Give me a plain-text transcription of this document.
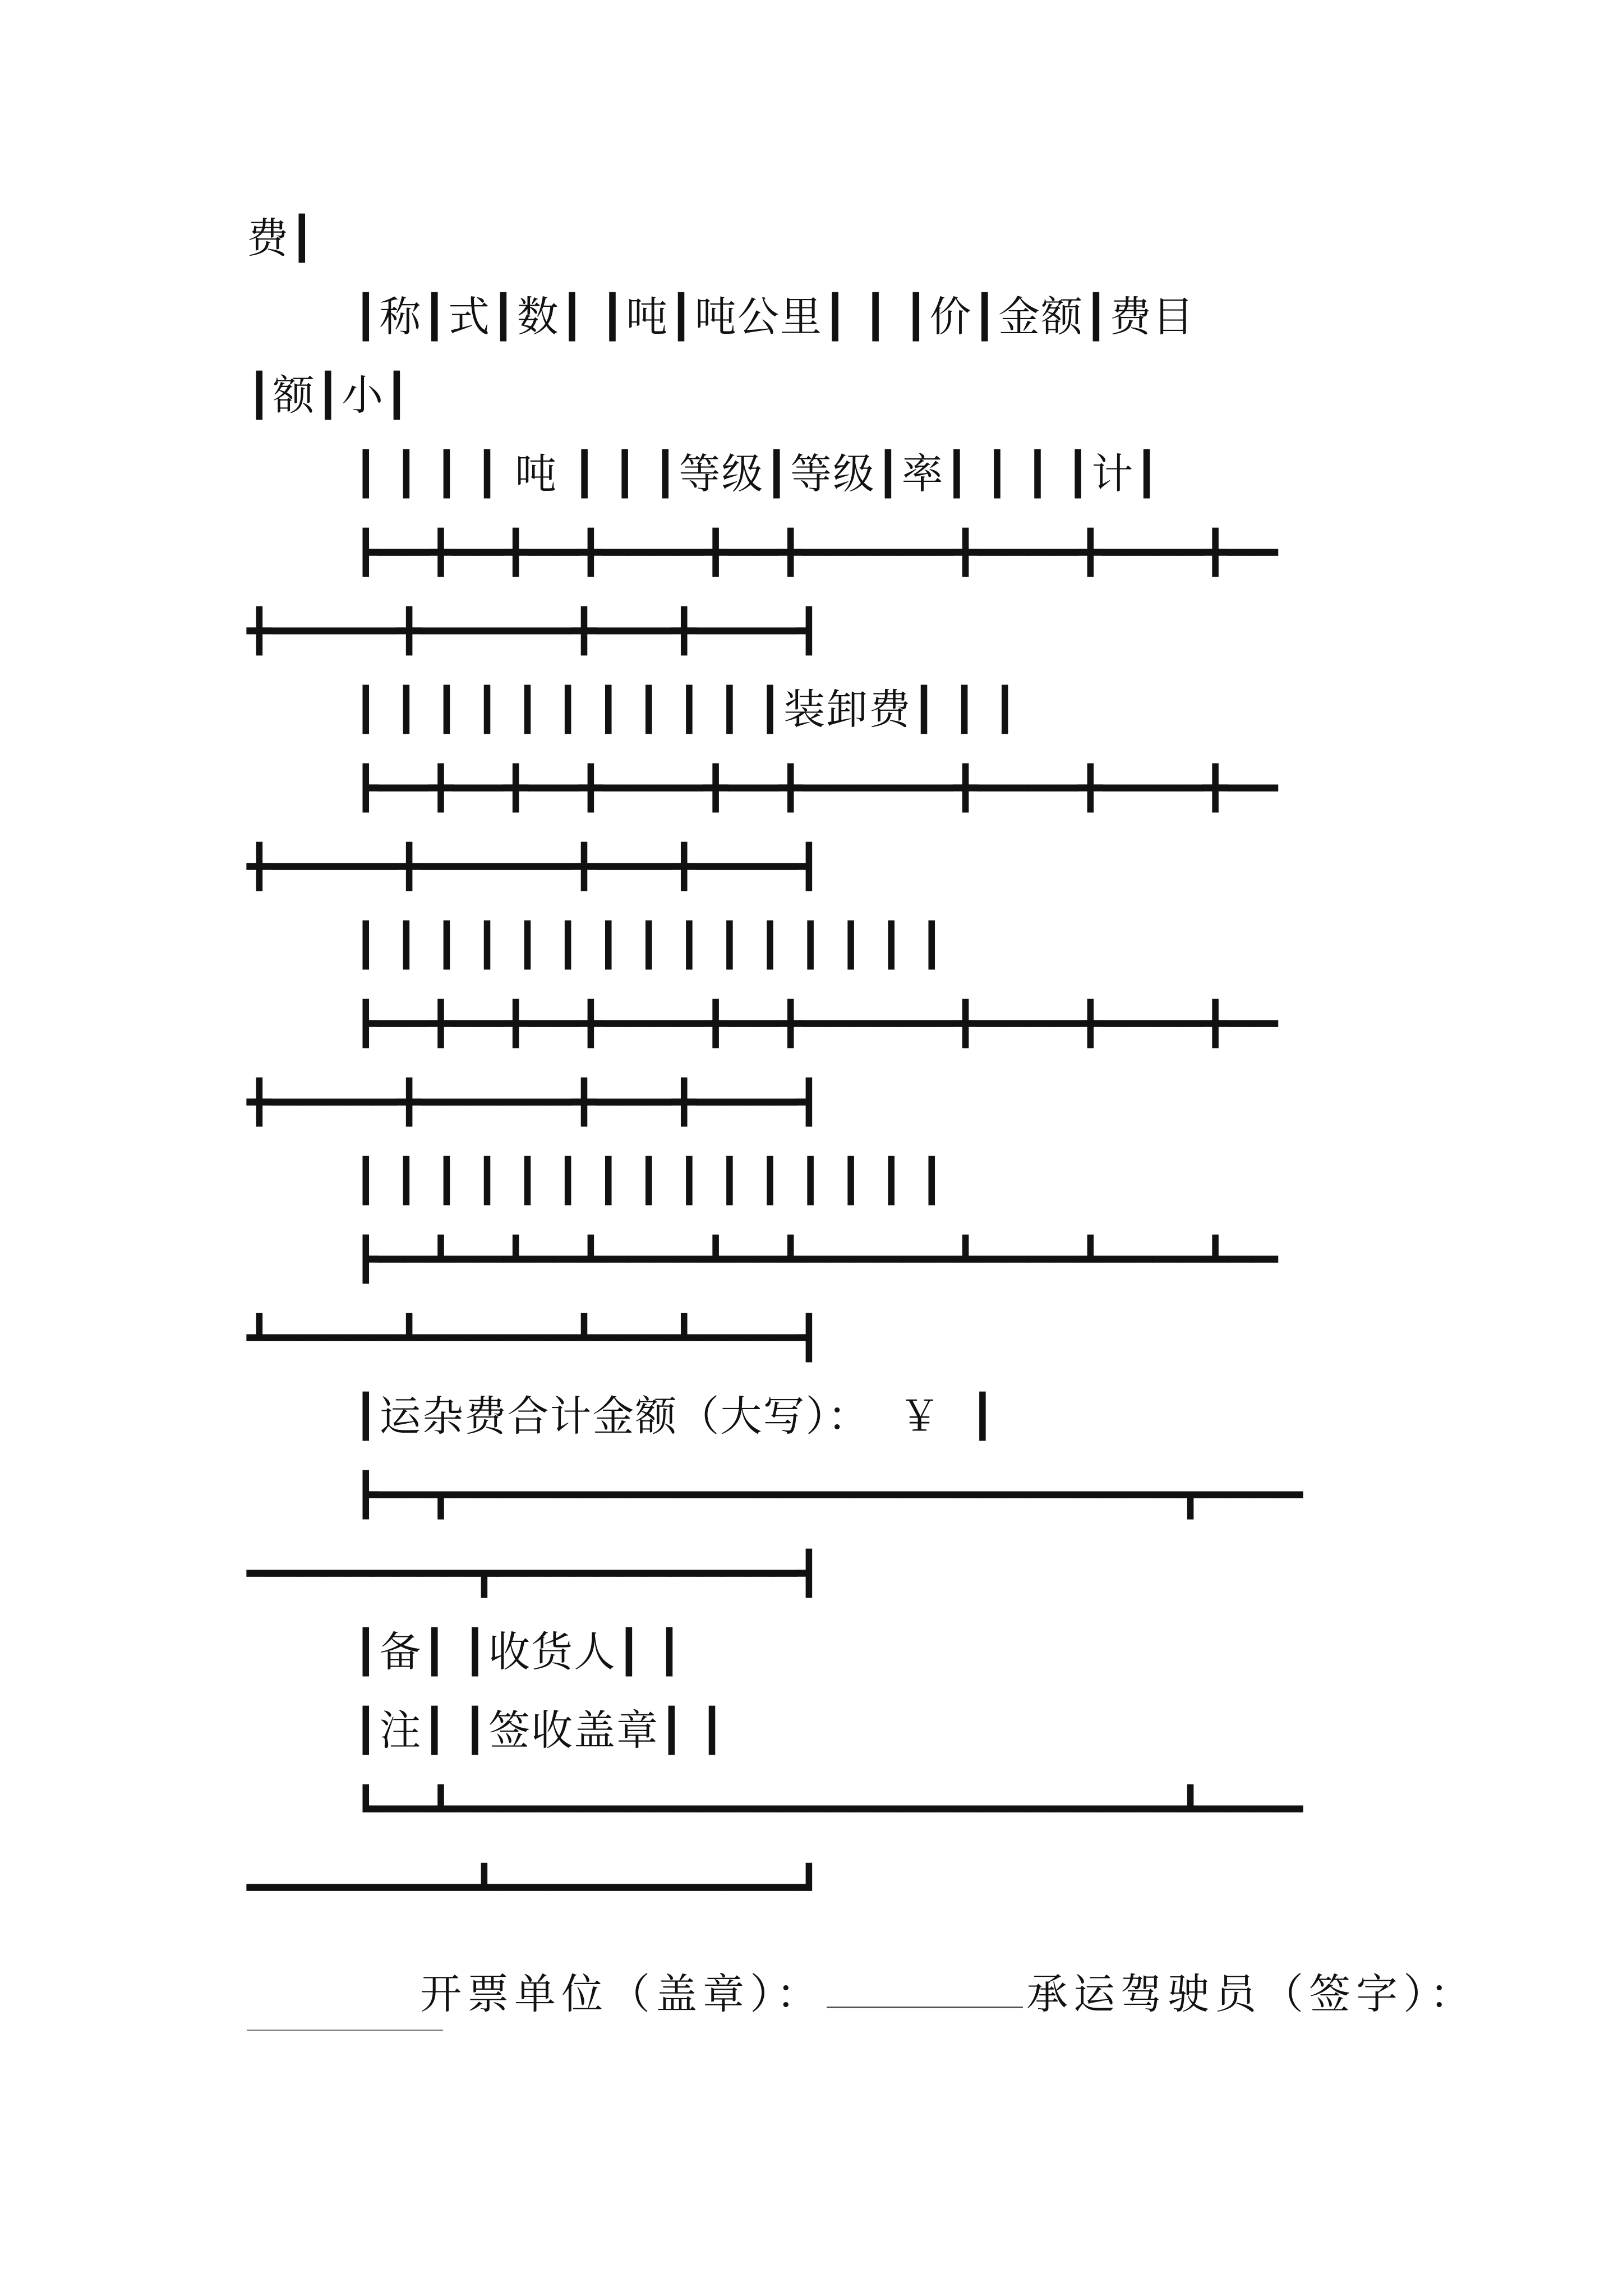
费┃
┃称┃式┃数┃ ┃吨┃吨公里┃ ┃ ┃价┃金额┃费目
┃额┃小┃
┃ ┃ ┃ ┃ 吨 ┃ ┃ ┃等级┃等级┃率┃ ┃ ┃ ┃计┃
┣━━╋━━╋━━╋━━━━╋━━╋━━━━━━╋━━━━╋━━━━╋━━
╋━━━━━╋━━━━━━╋━━━╋━━━━┫
┃ ┃ ┃ ┃ ┃ ┃ ┃ ┃ ┃ ┃ ┃装卸费┃ ┃ ┃
┣━━╋━━╋━━╋━━━━╋━━╋━━━━━━╋━━━━╋━━━━╋━━
╋━━━━━╋━━━━━━╋━━━╋━━━━┫
┃ ┃ ┃ ┃ ┃ ┃ ┃ ┃ ┃ ┃ ┃ ┃ ┃ ┃ ┃
┣━━╋━━╋━━╋━━━━╋━━╋━━━━━━╋━━━━╋━━━━╋━━
╋━━━━━╋━━━━━━╋━━━╋━━━━┫
┃ ┃ ┃ ┃ ┃ ┃ ┃ ┃ ┃ ┃ ┃ ┃ ┃ ┃ ┃
┣━━┻━━┻━━┻━━━━┻━━┻━━━━━━┻━━━━┻━━━━┻━━
┻━━━━━┻━━━━━━┻━━━┻━━━━┫
┃运杂费合计金额（大写）：  ￥  ┃
┣━━┳━━━━━━━━━━━━━━━━━━━━━━━━━━━━━┳━━━━
━━━━━━━━━┳━━━━━━━━━━━━┫
┃备┃ ┃收货人┃ ┃
┃注┃ ┃签收盖章┃ ┃
┗━━┻━━━━━━━━━━━━━━━━━━━━━━━━━━━━━┻━━━━
━━━━━━━━━┻━━━━━━━━━━━━┛

开票单位（盖章）：	承运驾驶员（签字）：
